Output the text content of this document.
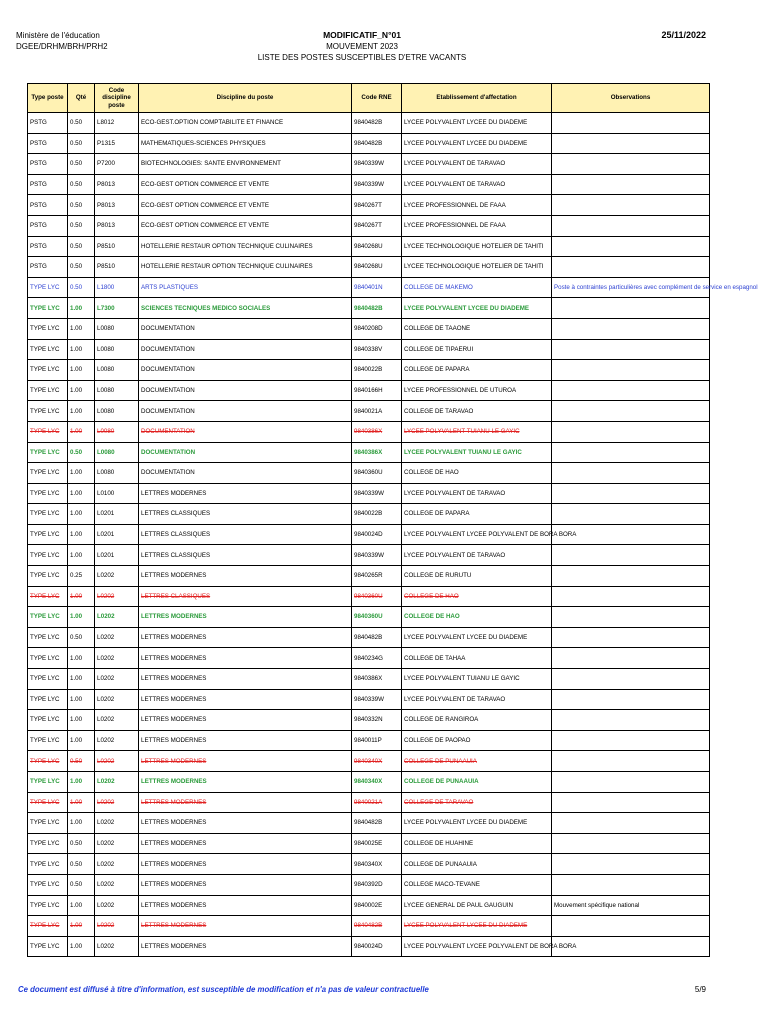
Ministère de l'éducation
DGEE/DRHM/BRH/PRH2
MODIFICATIF_N°01
MOUVEMENT 2023
LISTE DES POSTES SUSCEPTIBLES D'ETRE VACANTS
25/11/2022
Type poste	Qté	Code discipline poste	Discipline du poste	Code RNE	Etablissement d'affectation	Observations
PSTG	0.50	L8012	ECO-GEST.OPTION COMPTABILITE ET FINANCE	9840482B	LYCEE POLYVALENT LYCEE DU DIADEME	
PSTG	0.50	P1315	MATHEMATIQUES-SCIENCES PHYSIQUES	9840482B	LYCEE POLYVALENT LYCEE DU DIADEME	
PSTG	0.50	P7200	BIOTECHNOLOGIES: SANTE ENVIRONNEMENT	9840339W	LYCEE POLYVALENT DE TARAVAO	
PSTG	0.50	P8013	ECO-GEST OPTION COMMERCE ET VENTE	9840339W	LYCEE POLYVALENT DE TARAVAO	
PSTG	0.50	P8013	ECO-GEST OPTION COMMERCE ET VENTE	9840267T	LYCEE PROFESSIONNEL DE FAAA	
PSTG	0.50	P8013	ECO-GEST OPTION COMMERCE ET VENTE	9840267T	LYCEE PROFESSIONNEL DE FAAA	
PSTG	0.50	P8510	HOTELLERIE RESTAUR OPTION TECHNIQUE CULINAIRES	9840268U	LYCEE TECHNOLOGIQUE HOTELIER DE TAHITI	
PSTG	0.50	P8510	HOTELLERIE RESTAUR OPTION TECHNIQUE CULINAIRES	9840268U	LYCEE TECHNOLOGIQUE HOTELIER DE TAHITI	
TYPE LYC	0.50	L1800	ARTS PLASTIQUES	9840401N	COLLEGE DE MAKEMO	Poste à contraintes particulières avec complément de service en espagnol
TYPE LYC	1.00	L7300	SCIENCES TECNIQUES MEDICO SOCIALES	9840482B	LYCEE POLYVALENT LYCEE DU DIADEME	
TYPE LYC	1.00	L0080	DOCUMENTATION	9840208D	COLLEGE DE TAAONE	
TYPE LYC	1.00	L0080	DOCUMENTATION	9840338V	COLLEGE DE TIPAERUI	
TYPE LYC	1.00	L0080	DOCUMENTATION	9840022B	COLLEGE DE PAPARA	
TYPE LYC	1.00	L0080	DOCUMENTATION	9840166H	LYCEE PROFESSIONNEL DE UTUROA	
TYPE LYC	1.00	L0080	DOCUMENTATION	9840021A	COLLEGE DE TARAVAO	
TYPE LYC	1.00	L0080	DOCUMENTATION	9840386X	LYCEE POLYVALENT TUIANU LE GAYIC	
TYPE LYC	0.50	L0080	DOCUMENTATION	9840386X	LYCEE POLYVALENT TUIANU LE GAYIC	
TYPE LYC	1.00	L0080	DOCUMENTATION	9840360U	COLLEGE DE HAO	
TYPE LYC	1.00	L0100	LETTRES MODERNES	9840339W	LYCEE POLYVALENT DE TARAVAO	
TYPE LYC	1.00	L0201	LETTRES CLASSIQUES	9840022B	COLLEGE DE PAPARA	
TYPE LYC	1.00	L0201	LETTRES CLASSIQUES	9840024D	LYCEE POLYVALENT LYCEE POLYVALENT DE BORA BORA	
TYPE LYC	1.00	L0201	LETTRES CLASSIQUES	9840339W	LYCEE POLYVALENT DE TARAVAO	
TYPE LYC	0.25	L0202	LETTRES MODERNES	9840265R	COLLEGE DE RURUTU	
TYPE LYC	1.00	L0202	LETTRES CLASSIQUES	9840360U	COLLEGE DE HAO	
TYPE LYC	1.00	L0202	LETTRES MODERNES	9840360U	COLLEGE DE HAO	
TYPE LYC	0.50	L0202	LETTRES MODERNES	9840482B	LYCEE POLYVALENT LYCEE DU DIADEME	
TYPE LYC	1.00	L0202	LETTRES MODERNES	9840234G	COLLEGE DE TAHAA	
TYPE LYC	1.00	L0202	LETTRES MODERNES	9840386X	LYCEE POLYVALENT TUIANU LE GAYIC	
TYPE LYC	1.00	L0202	LETTRES MODERNES	9840339W	LYCEE POLYVALENT DE TARAVAO	
TYPE LYC	1.00	L0202	LETTRES MODERNES	9840332N	COLLEGE DE RANGIROA	
TYPE LYC	1.00	L0202	LETTRES MODERNES	9840011P	COLLEGE DE PAOPAO	
TYPE LYC	0.50	L0202	LETTRES MODERNES	9840340X	COLLEGE DE PUNAAUIA	
TYPE LYC	1.00	L0202	LETTRES MODERNES	9840340X	COLLEGE DE PUNAAUIA	
TYPE LYC	1.00	L0202	LETTRES MODERNES	9840021A	COLLEGE DE TARAVAO	
TYPE LYC	1.00	L0202	LETTRES MODERNES	9840482B	LYCEE POLYVALENT LYCEE DU DIADEME	
TYPE LYC	0.50	L0202	LETTRES MODERNES	9840025E	COLLEGE DE HUAHINE	
TYPE LYC	0.50	L0202	LETTRES MODERNES	9840340X	COLLEGE DE PUNAAUIA	
TYPE LYC	0.50	L0202	LETTRES MODERNES	9840392D	COLLEGE MACO-TEVANE	
TYPE LYC	1.00	L0202	LETTRES MODERNES	9840002E	LYCEE GENERAL DE PAUL GAUGUIN	Mouvement spécifique national
TYPE LYC	1.00	L0202	LETTRES MODERNES	9840482B	LYCEE POLYVALENT LYCEE DU DIADEME	
TYPE LYC	1.00	L0202	LETTRES MODERNES	9840024D	LYCEE POLYVALENT LYCEE POLYVALENT DE BORA BORA	
Ce document est diffusé à titre d'information, est susceptible de modification et n'a pas de valeur contractuelle	5/9
